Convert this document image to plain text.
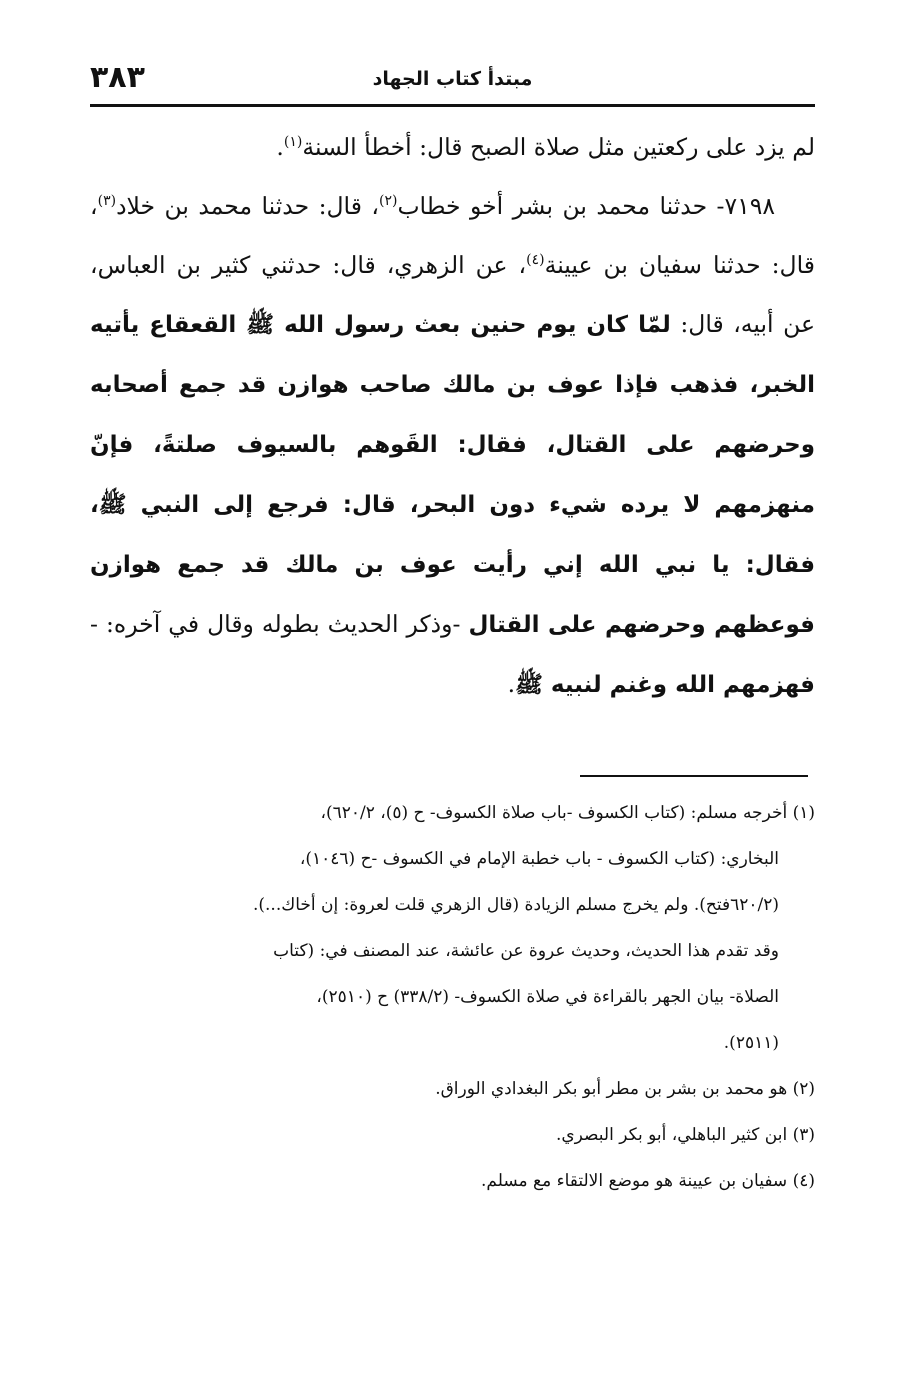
٣٨٣	مبتدأ كتاب الجهاد

لم يزد على ركعتين مثل صلاة الصبح قال: أخطأ السنة$^{(١)}$.

٧١٩٨- حدثنا محمد بن بشر أخو خطاب$^{(٢)}$، قال: حدثنا محمد بن خلاد$^{(٣)}$، قال: حدثنا سفيان بن عيينة$^{(٤)}$، عن الزهري، قال: حدثني كثير بن العباس، عن أبيه، قال: لمّا كان يوم حنين بعث رسول الله ﷺ القعقاع يأتيه الخبر، فذهب فإذا عوف بن مالك صاحب هوازن قد جمع أصحابه وحرضهم على القتال، فقال: القَوهم بالسيوف صلتةً، فإنّ منهزمهم لا يرده شيء دون البحر، قال: فرجع إلى النبي ﷺ، فقال: يا نبي الله إني رأيت عوف بن مالك قد جمع هوازن فوعظهم وحرضهم على القتال -وذكر الحديث بطوله وقال في آخره: - فهزمهم الله وغنم لنبيه ﷺ.

(١) أخرجه مسلم: (كتاب الكسوف -باب صلاة الكسوف- ح (٥)، ٦٢٠/٢)،

البخاري: (كتاب الكسوف - باب خطبة الإمام في الكسوف -ح (١٠٤٦)،

(٦٢٠/٢فتح). ولم يخرج مسلم الزيادة (قال الزهري قلت لعروة: إن أخاك...).

وقد تقدم هذا الحديث، وحديث عروة عن عائشة، عند المصنف في: (كتاب

الصلاة- بيان الجهر بالقراءة في صلاة الكسوف- (٣٣٨/٢) ح (٢٥١٠)،

(٢٥١١).

(٢) هو محمد بن بشر بن مطر أبو بكر البغدادي الوراق.

(٣) ابن كثير الباهلي، أبو بكر البصري.

(٤) سفيان بن عيينة هو موضع الالتقاء مع مسلم.
